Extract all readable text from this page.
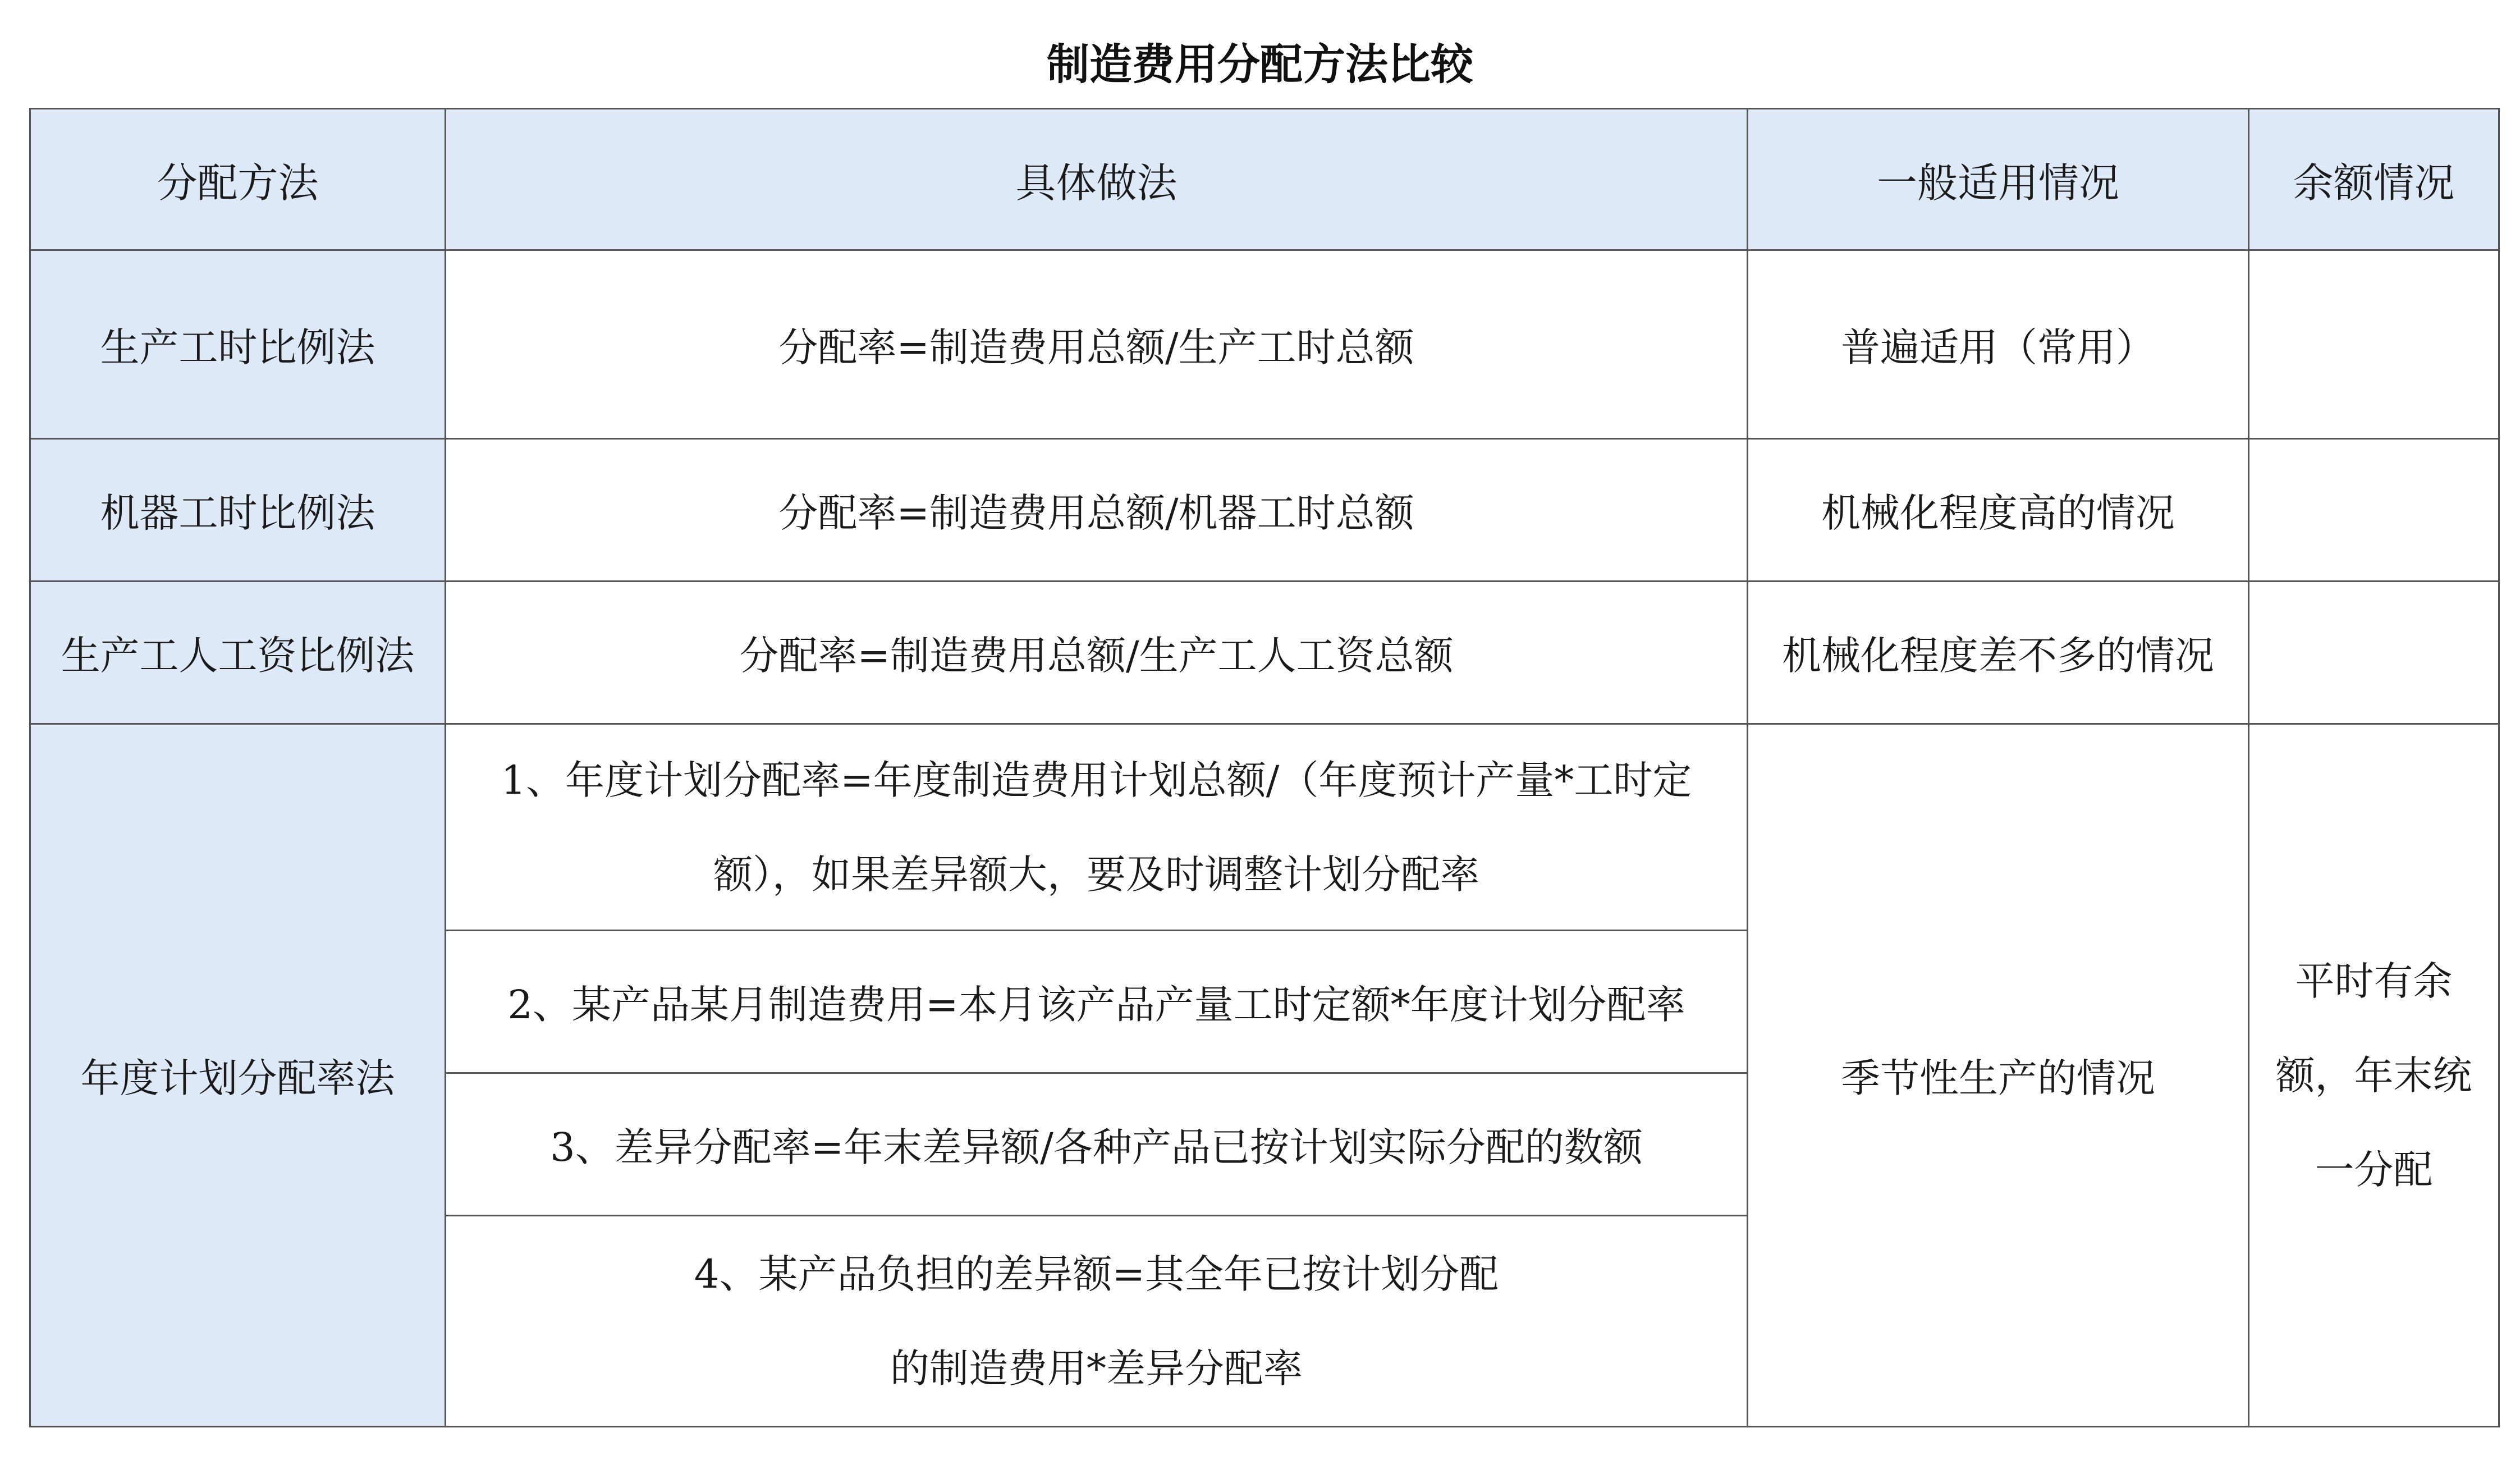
制造费用分配方法比较
分配方法	具体做法	一般适用情况	余额情况
生产工时比例法	分配率=制造费用总额/生产工时总额	普遍适用（常用）	
机器工时比例法	分配率=制造费用总额/机器工时总额	机械化程度高的情况	
生产工人工资比例法	分配率=制造费用总额/生产工人工资总额	机械化程度差不多的情况	
年度计划分配率法	1、年度计划分配率=年度制造费用计划总额/（年度预计产量*工时定额），如果差异额大，要及时调整计划分配率	季节性生产的情况	平时有余额，年末统一分配
	2、某产品某月制造费用=本月该产品产量工时定额*年度计划分配率		
	3、差异分配率=年末差异额/各种产品已按计划实际分配的数额		
	4、某产品负担的差异额=其全年已按计划分配的制造费用*差异分配率		
